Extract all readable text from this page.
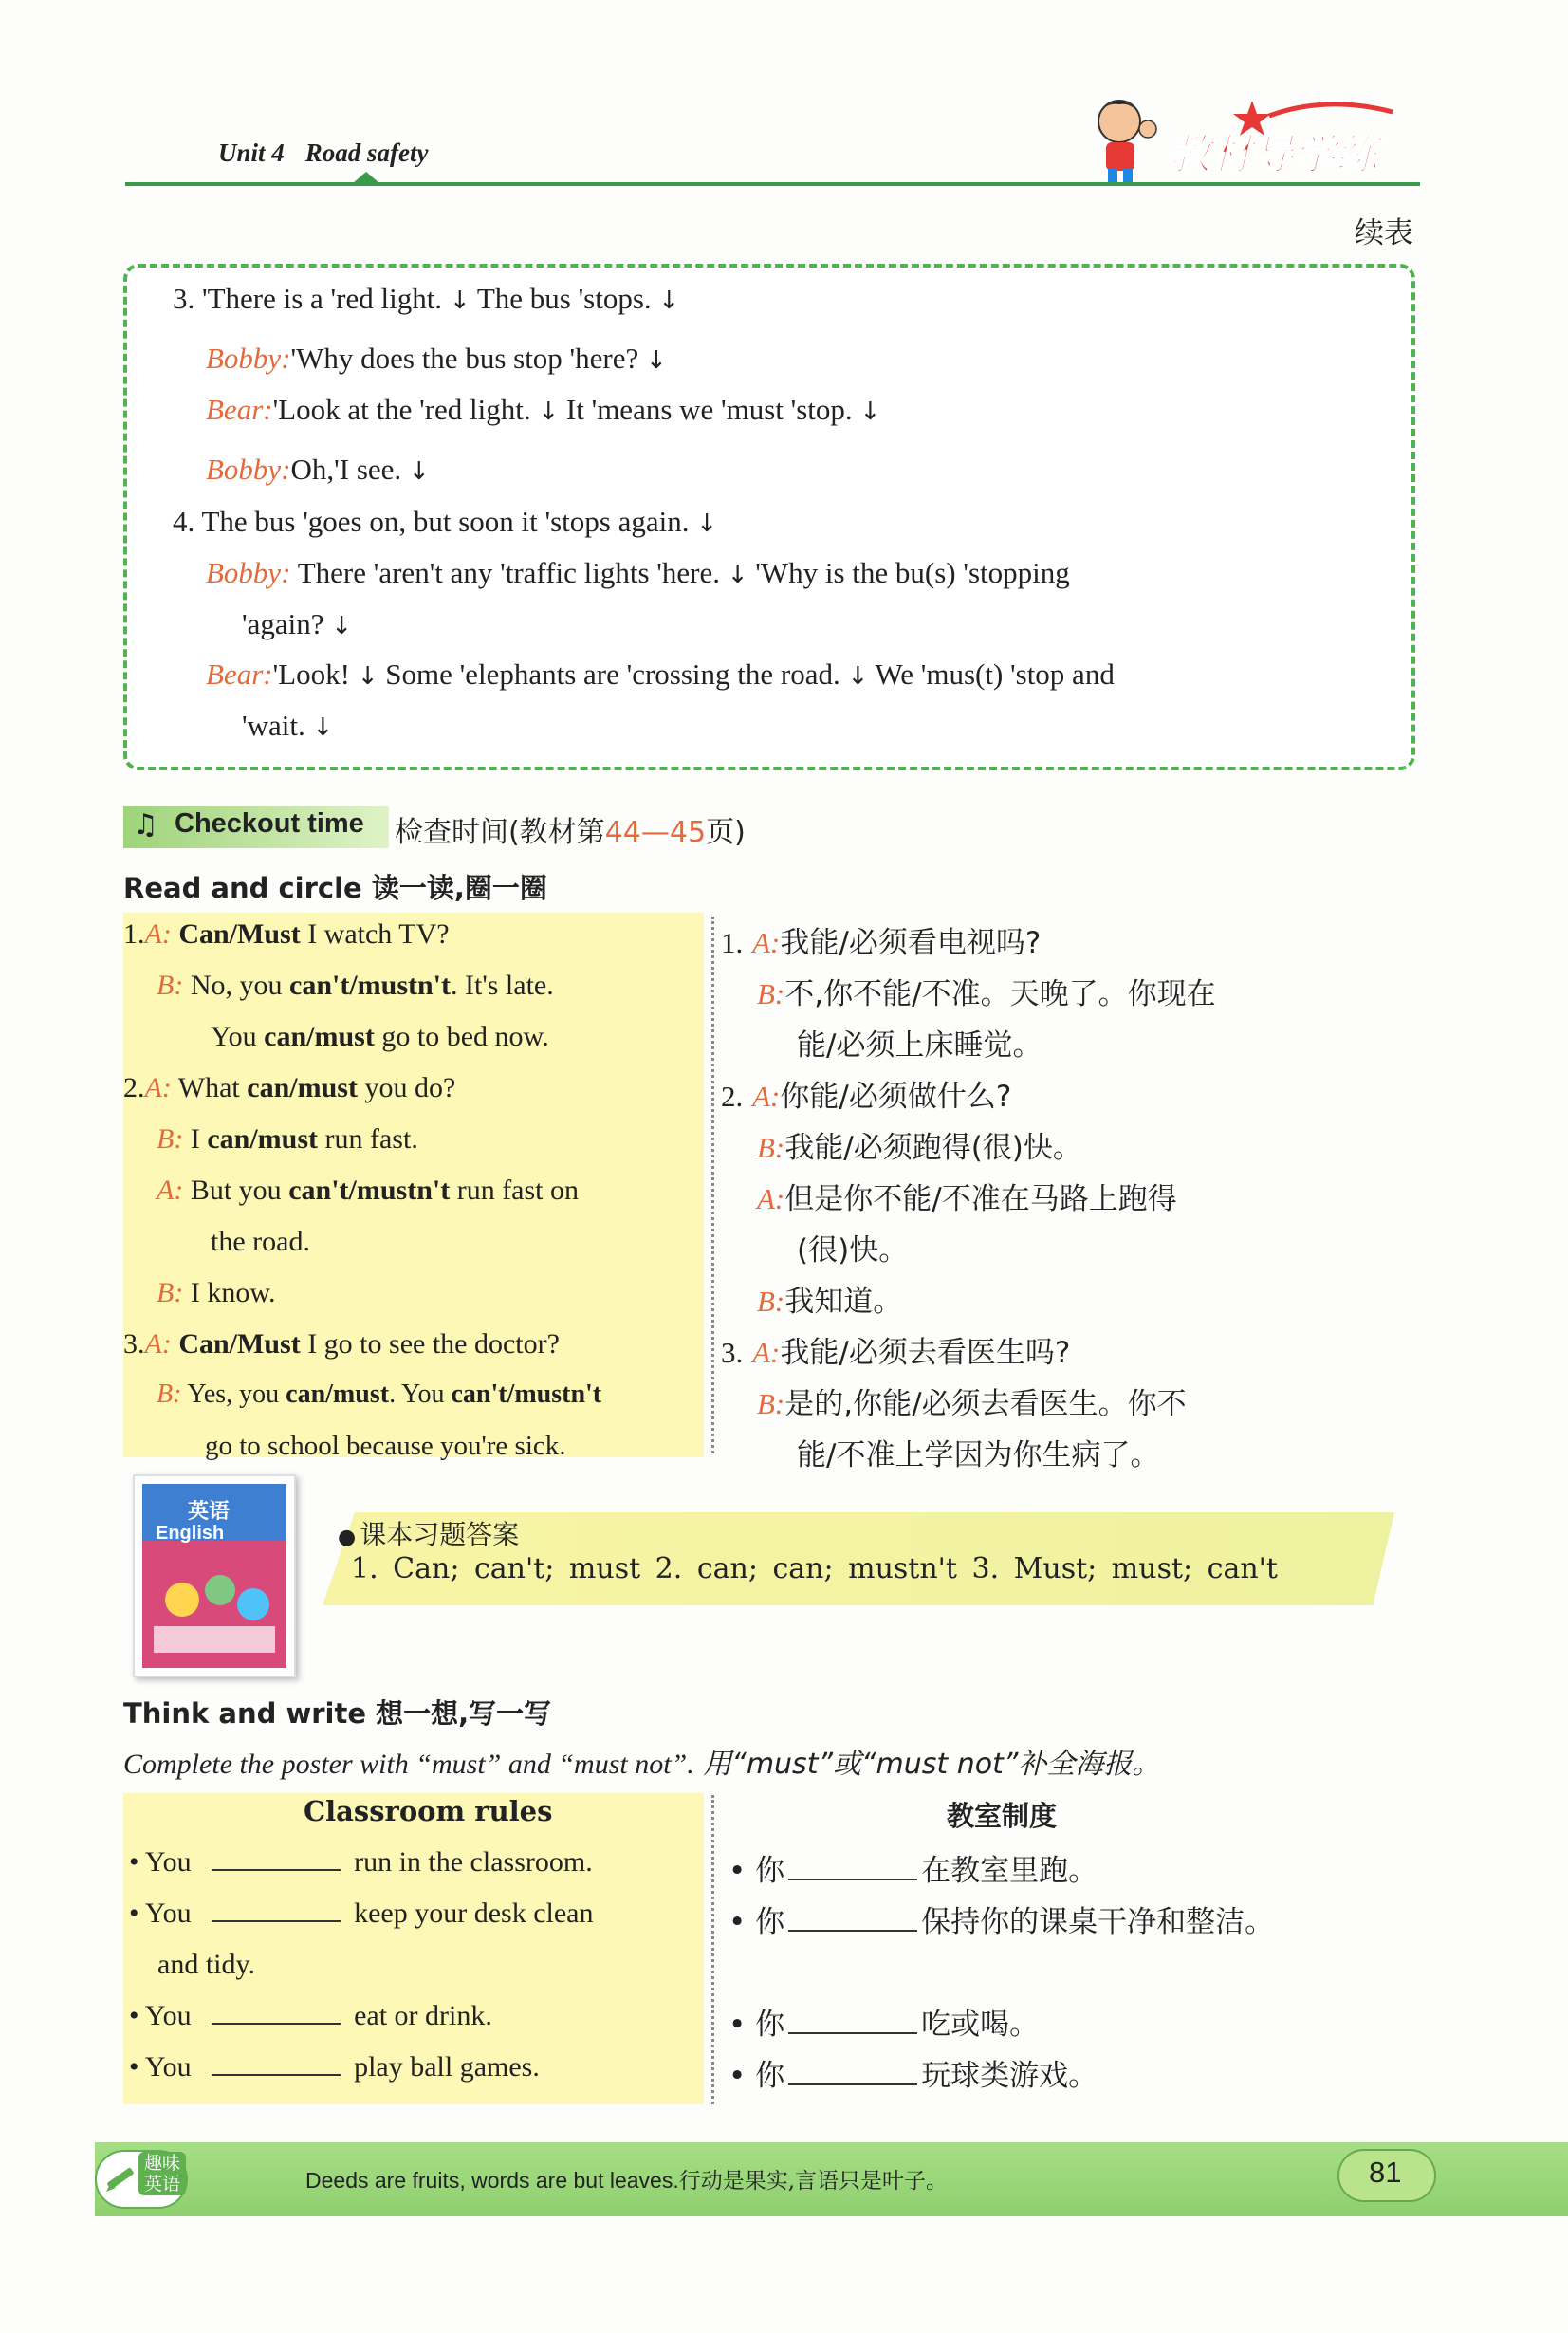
Unit 4 Road safety	教材导学练
续表
3. 'There is a 'red light. ↓ The bus 'stops. ↓
Bobby:'Why does the bus stop 'here? ↓
Bear:'Look at the 'red light. ↓ It 'means we 'must 'stop. ↓
Bobby:Oh,'I see. ↓
4. The bus 'goes on, but soon it 'stops again. ↓
Bobby: There 'aren't any 'traffic lights 'here. ↓ 'Why is the bu(s) 'stopping
'again? ↓
Bear:'Look! ↓ Some 'elephants are 'crossing the road. ↓ We 'mus(t) 'stop and
'wait. ↓
♫ Checkout time 检查时间(教材第44—45页)
Read and circle 读一读,圈一圈
1.A: Can/Must I watch TV?
B: No, you can't/mustn't. It's late.
You can/must go to bed now.
2.A: What can/must you do?
B: I can/must run fast.
A: But you can't/mustn't run fast on
the road.
B: I know.
3.A: Can/Must I go to see the doctor?
B: Yes, you can/must. You can't/mustn't
go to school because you're sick.
1. A:我能/必须看电视吗?
B:不,你不能/不准。天晚了。你现在
能/必须上床睡觉。
2. A:你能/必须做什么?
B:我能/必须跑得(很)快。
A:但是你不能/不准在马路上跑得
(很)快。
B:我知道。
3. A:我能/必须去看医生吗?
B:是的,你能/必须去看医生。你不
能/不准上学因为你生病了。
英语
English	● 课本习题答案
1. Can; can't; must 2. can; can; mustn't 3. Must; must; can't
Think and write 想一想,写一写
Complete the poster with “must” and “must not”. 用“must”或“must not”补全海报。
Classroom rules	教室制度
• You	run in the classroom.
• You	keep your desk clean
and tidy.
• You	eat or drink.
• You	play ball games.
• 你	在教室里跑。
• 你	保持你的课桌干净和整洁。
• 你	吃或喝。
• 你	玩球类游戏。
趣味英语	Deeds are fruits, words are but leaves.行动是果实,言语只是叶子。	81
